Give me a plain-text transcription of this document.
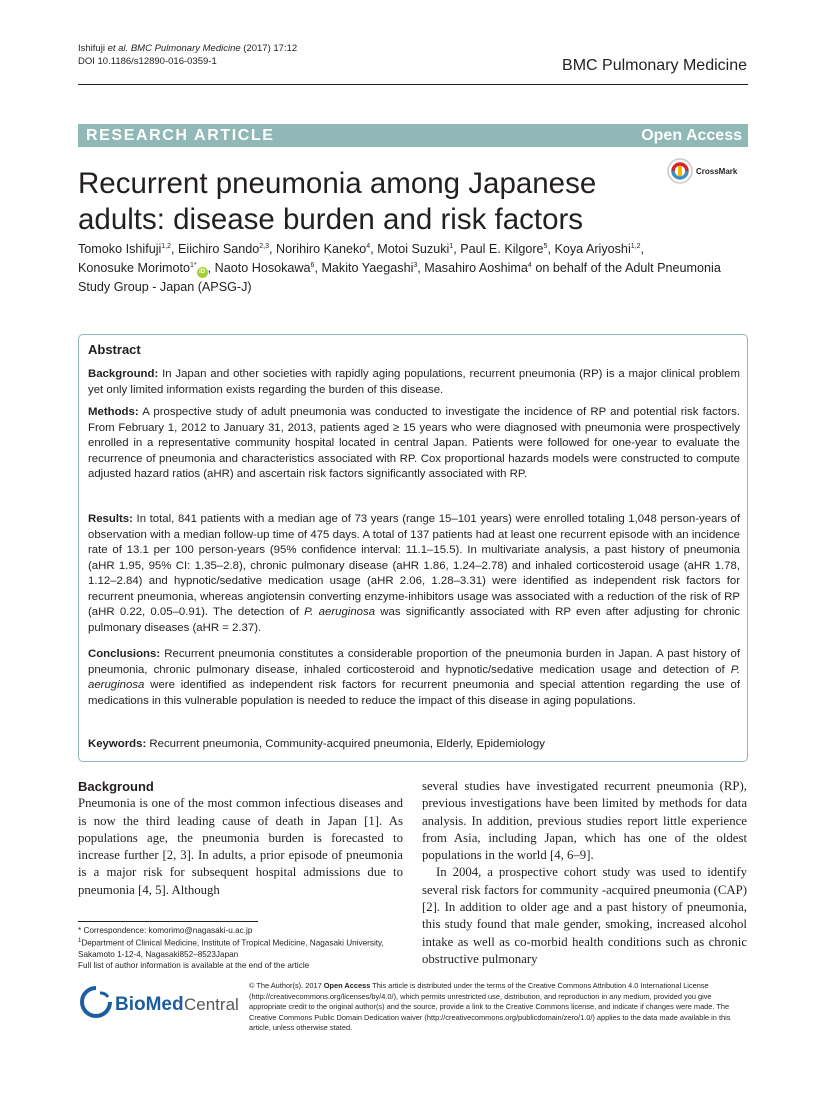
Ishifuji et al. BMC Pulmonary Medicine (2017) 17:12
DOI 10.1186/s12890-016-0359-1	BMC Pulmonary Medicine
RESEARCH ARTICLE	Open Access
CrossMark
Recurrent pneumonia among Japanese adults: disease burden and risk factors
Tomoko Ishifuji$^{1,2}$, Eiichiro Sando$^{2,3}$, Norihiro Kaneko$^4$, Motoi Suzuki$^1$, Paul E. Kilgore$^5$, Koya Ariyoshi$^{1,2}$,
Konosuke Morimoto$^{1*}$iD , Naoto Hosokawa$^6$, Makito Yaegashi$^3$, Masahiro Aoshima$^4$ on behalf of the Adult Pneumonia Study Group - Japan (APSG-J)
Abstract
Background: In Japan and other societies with rapidly aging populations, recurrent pneumonia (RP) is a major clinical problem yet only limited information exists regarding the burden of this disease.
Methods: A prospective study of adult pneumonia was conducted to investigate the incidence of RP and potential risk factors. From February 1, 2012 to January 31, 2013, patients aged ≥ 15 years who were diagnosed with pneumonia were prospectively enrolled in a representative community hospital located in central Japan. Patients were followed for one-year to evaluate the recurrence of pneumonia and characteristics associated with RP. Cox proportional hazards models were constructed to compute adjusted hazard ratios (aHR) and ascertain risk factors significantly associated with RP.
Results: In total, 841 patients with a median age of 73 years (range 15–101 years) were enrolled totaling 1,048 person-years of observation with a median follow-up time of 475 days. A total of 137 patients had at least one recurrent episode with an incidence rate of 13.1 per 100 person-years (95% confidence interval: 11.1–15.5). In multivariate analysis, a past history of pneumonia (aHR 1.95, 95% CI: 1.35–2.8), chronic pulmonary disease (aHR 1.86, 1.24–2.78) and inhaled corticosteroid usage (aHR 1.78, 1.12–2.84) and hypnotic/sedative medication usage (aHR 2.06, 1.28–3.31) were identified as independent risk factors for recurrent pneumonia, whereas angiotensin converting enzyme-inhibitors usage was associated with a reduction of the risk of RP (aHR 0.22, 0.05–0.91). The detection of P. aeruginosa was significantly associated with RP even after adjusting for chronic pulmonary diseases (aHR = 2.37).
Conclusions: Recurrent pneumonia constitutes a considerable proportion of the pneumonia burden in Japan. A past history of pneumonia, chronic pulmonary disease, inhaled corticosteroid and hypnotic/sedative medication usage and detection of P. aeruginosa were identified as independent risk factors for recurrent pneumonia and special attention regarding the use of medications in this vulnerable population is needed to reduce the impact of this disease in aging populations.
Keywords: Recurrent pneumonia, Community-acquired pneumonia, Elderly, Epidemiology
Background
Pneumonia is one of the most common infectious diseases and is now the third leading cause of death in Japan [1]. As populations age, the pneumonia burden is forecasted to increase further [2, 3]. In adults, a prior episode of pneumonia is a major risk for subsequent hospital admissions due to pneumonia [4, 5]. Although
several studies have investigated recurrent pneumonia (RP), previous investigations have been limited by methods for data analysis. In addition, previous studies report little experience from Asia, including Japan, which has one of the oldest populations in the world [4, 6–9].
In 2004, a prospective cohort study was used to identify several risk factors for community -acquired pneumonia (CAP) [2]. In addition to older age and a past history of pneumonia, this study found that male gender, smoking, increased alcohol intake as well as co-morbid health conditions such as chronic obstructive pulmonary
* Correspondence: komorimo@nagasaki-u.ac.jp
$^1$Department of Clinical Medicine, Institute of Tropical Medicine, Nagasaki University, Sakamoto 1-12-4, Nagasaki852–8523Japan
Full list of author information is available at the end of the article
BioMed Central
© The Author(s). 2017 Open Access This article is distributed under the terms of the Creative Commons Attribution 4.0 International License (http://creativecommons.org/licenses/by/4.0/), which permits unrestricted use, distribution, and reproduction in any medium, provided you give appropriate credit to the original author(s) and the source, provide a link to the Creative Commons license, and indicate if changes were made. The Creative Commons Public Domain Dedication waiver (http://creativecommons.org/publicdomain/zero/1.0/) applies to the data made available in this article, unless otherwise stated.
